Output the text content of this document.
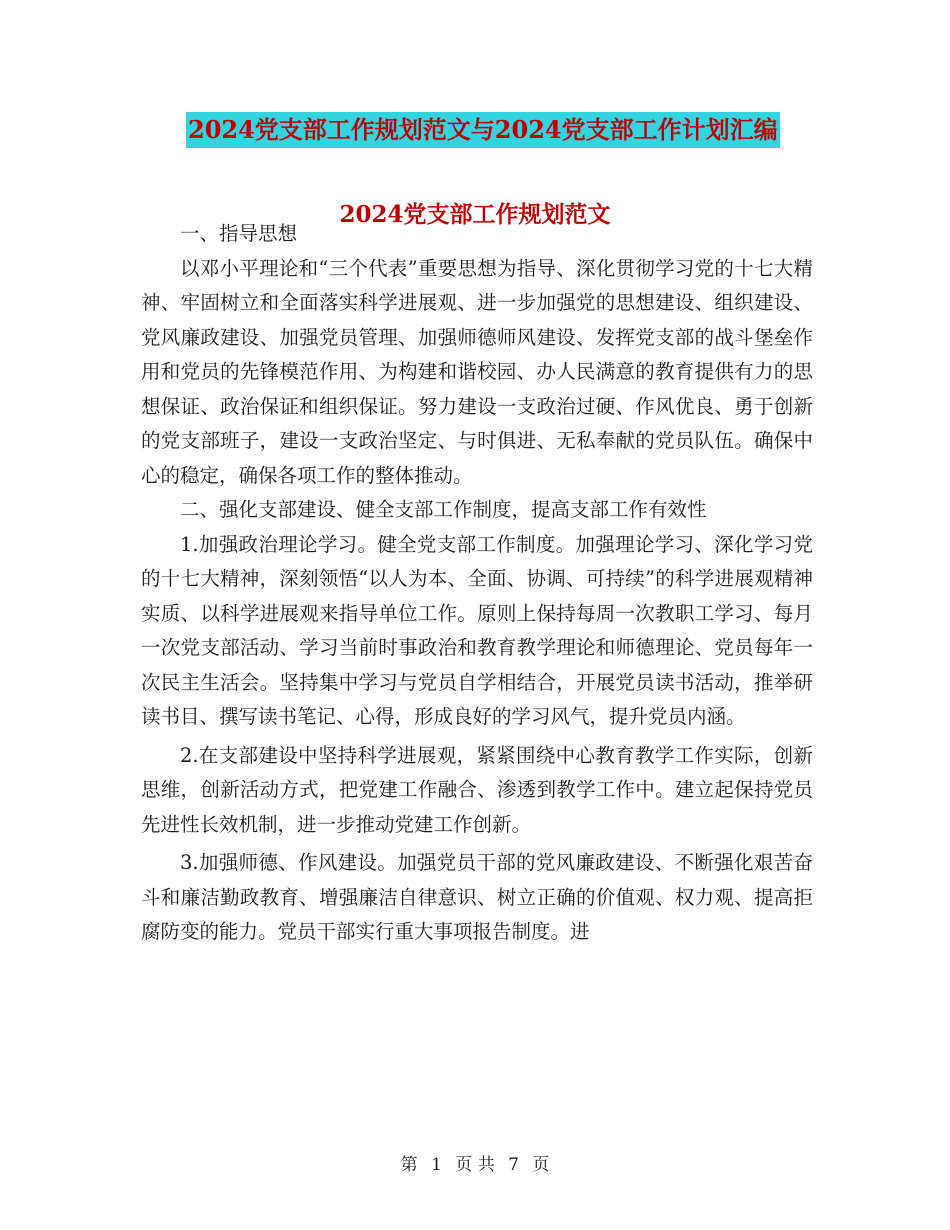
2024党支部工作规划范文与2024党支部工作计划汇编
2024党支部工作规划范文

一、指导思想

以邓小平理论和“三个代表”重要思想为指导、深化贯彻学习党的十七大精神、牢固树立和全面落实科学进展观、进一步加强党的思想建设、组织建设、党风廉政建设、加强党员管理、加强师德师风建设、发挥党支部的战斗堡垒作用和党员的先锋模范作用、为构建和谐校园、办人民满意的教育提供有力的思想保证、政治保证和组织保证。努力建设一支政治过硬、作风优良、勇于创新的党支部班子，建设一支政治坚定、与时俱进、无私奉献的党员队伍。确保中心的稳定，确保各项工作的整体推动。

二、强化支部建设、健全支部工作制度，提高支部工作有效性

1.加强政治理论学习。健全党支部工作制度。加强理论学习、深化学习党的十七大精神，深刻领悟“以人为本、全面、协调、可持续”的科学进展观精神实质、以科学进展观来指导单位工作。原则上保持每周一次教职工学习、每月一次党支部活动、学习当前时事政治和教育教学理论和师德理论、党员每年一次民主生活会。坚持集中学习与党员自学相结合，开展党员读书活动，推举研读书目、撰写读书笔记、心得，形成良好的学习风气，提升党员内涵。

2.在支部建设中坚持科学进展观，紧紧围绕中心教育教学工作实际，创新思维，创新活动方式，把党建工作融合、渗透到教学工作中。建立起保持党员先进性长效机制，进一步推动党建工作创新。

3.加强师德、作风建设。加强党员干部的党风廉政建设、不断强化艰苦奋斗和廉洁勤政教育、增强廉洁自律意识、树立正确的价值观、权力观、提高拒腐防变的能力。党员干部实行重大事项报告制度。进

第 1 页 共 7 页
